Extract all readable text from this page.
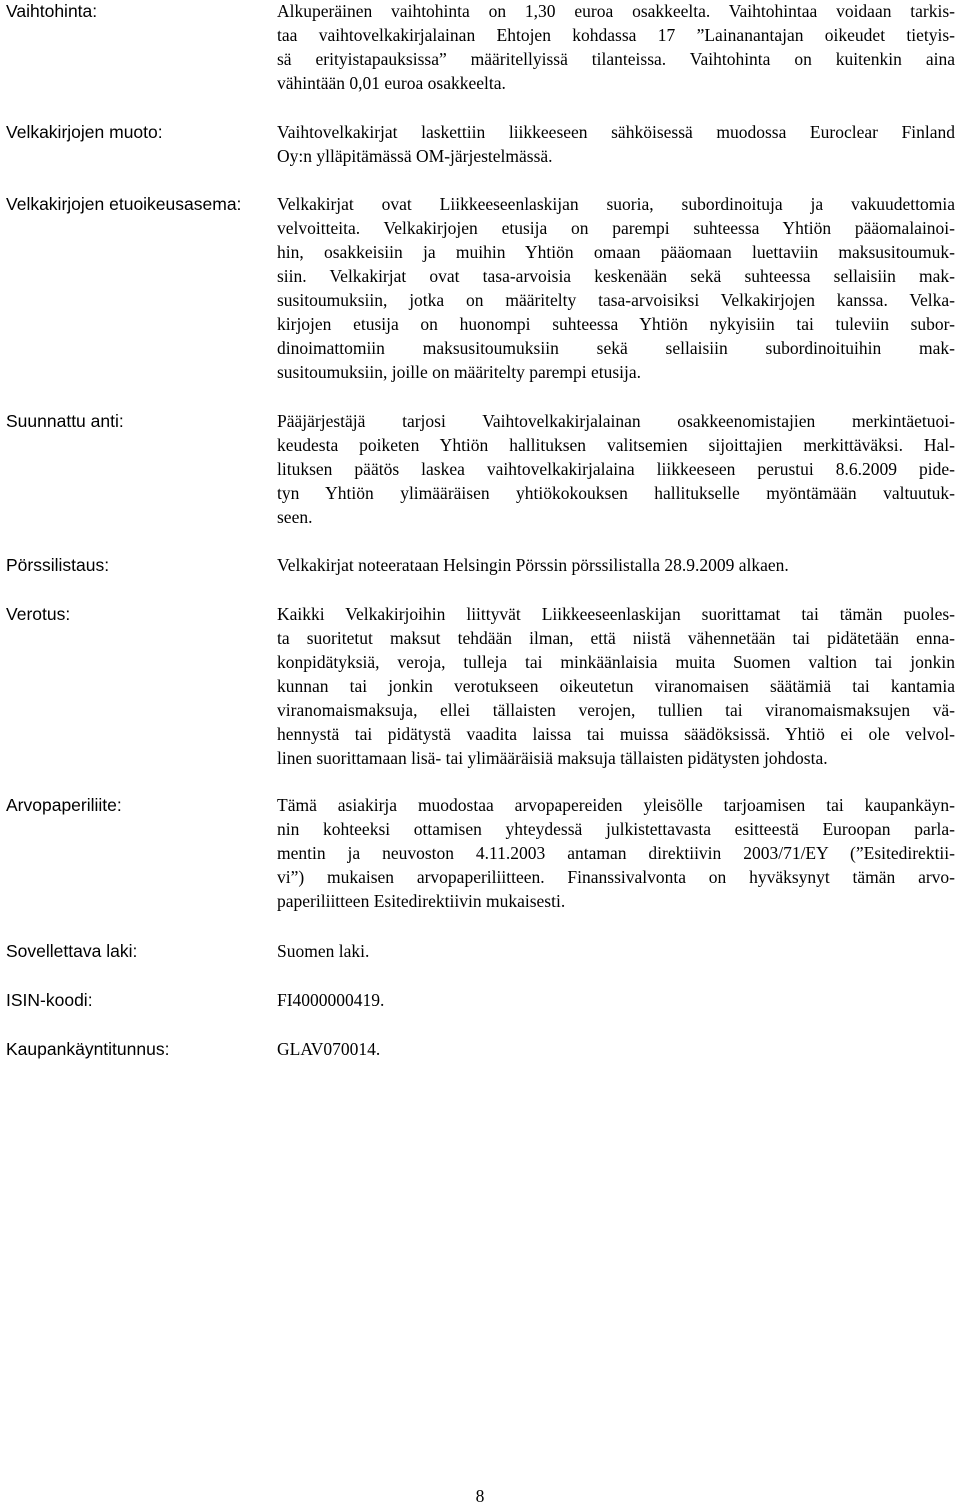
Vaihtohinta:	Alkuperäinen vaihtohinta on 1,30 euroa osakkeelta. Vaihtohintaa voidaan tarkis-
taa vaihtovelkakirjalainan Ehtojen kohdassa 17 ”Lainanantajan oikeudet tietyis-
sä erityistapauksissa” määritellyissä tilanteissa. Vaihtohinta on kuitenkin aina
vähintään 0,01 euroa osakkeelta.
Velkakirjojen muoto:	Vaihtovelkakirjat laskettiin liikkeeseen sähköisessä muodossa Euroclear Finland
Oy:n ylläpitämässä OM-järjestelmässä.
Velkakirjojen etuoikeusasema: Velkakirjat ovat Liikkeeseenlaskijan suoria, subordinoituja ja vakuudettomia
velvoitteita. Velkakirjojen etusija on parempi suhteessa Yhtiön pääomalainoi-
hin, osakkeisiin ja muihin Yhtiön omaan pääomaan luettaviin maksusitoumuk-
siin. Velkakirjat ovat tasa-arvoisia keskenään sekä suhteessa sellaisiin mak-
susitoumuksiin, jotka on määritelty tasa-arvoisiksi Velkakirjojen kanssa. Velka-
kirjojen etusija on huonompi suhteessa Yhtiön nykyisiin tai tuleviin subor-
dinoimattomiin maksusitoumuksiin sekä sellaisiin subordinoituihin mak-
susitoumuksiin, joille on määritelty parempi etusija.
Suunnattu anti:	Pääjärjestäjä tarjosi Vaihtovelkakirjalainan osakkeenomistajien merkintäetuoi-
keudesta poiketen Yhtiön hallituksen valitsemien sijoittajien merkittäväksi. Hal-
lituksen päätös laskea vaihtovelkakirjalaina liikkeeseen perustui 8.6.2009 pide-
tyn Yhtiön ylimääräisen yhtiökokouksen hallitukselle myöntämään valtuutuk-
seen.
Pörssilistaus:	Velkakirjat noteerataan Helsingin Pörssin pörssilistalla 28.9.2009 alkaen.
Verotus:	Kaikki Velkakirjoihin liittyvät Liikkeeseenlaskijan suorittamat tai tämän puoles-
ta suoritetut maksut tehdään ilman, että niistä vähennetään tai pidätetään enna-
konpidätyksiä, veroja, tulleja tai minkäänlaisia muita Suomen valtion tai jonkin
kunnan tai jonkin verotukseen oikeutetun viranomaisen säätämiä tai kantamia
viranomaismaksuja, ellei tällaisten verojen, tullien tai viranomaismaksujen vä-
hennystä tai pidätystä vaadita laissa tai muissa säädöksissä. Yhtiö ei ole velvol-
linen suorittamaan lisä- tai ylimääräisiä maksuja tällaisten pidätysten johdosta.
Arvopaperiliite:	Tämä asiakirja muodostaa arvopapereiden yleisölle tarjoamisen tai kaupankäyn-
nin kohteeksi ottamisen yhteydessä julkistettavasta esitteestä Euroopan parla-
mentin ja neuvoston 4.11.2003 antaman direktiivin 2003/71/EY (”Esitedirektii-
vi”) mukaisen arvopaperiliitteen. Finanssivalvonta on hyväksynyt tämän arvo-
paperiliitteen Esitedirektiivin mukaisesti.
Sovellettava laki:	Suomen laki.
ISIN-koodi:	FI4000000419.
Kaupankäyntitunnus:	GLAV070014.
8
